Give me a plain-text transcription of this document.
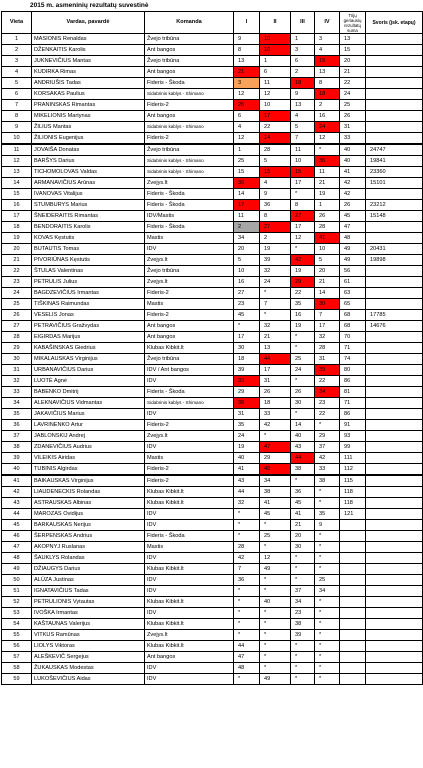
2015 m. asmeninių rezultatų suvestinė
Vieta	Vardas, pavardė	Komanda	I	II	III	IV	Trijų geriausių rezultatų suma	Svoris (įsk. etapų)
1	MASIONIS Renaldas	Žvejo tribūna	9	10	1	3	13	
2	DŽENKAITIS Karolis	Ant bangos	8	10	3	4	15	
3	JUKNEVIČIUS Mantas	Žvejo tribūna	13	1	6	15	20	
4	KUDIRKA Rimas	Ant bangos	21	6	2	13	21	
5	ANDRIUŠIS Tadas	Fideris - Škoda	3	11	18	8	22	
6	KORSAKAS Paulius	Sidabrinis kablys - Shimano	12	12	9	18	24	
7	PRANINSKAS Rimantas	Fideris-2	26	10	13	2	25	
8	MIKELIONIS Martynas	Ant bangos	6	17	4	16	26	
9	ŽILIUS Mantas	Sidabrinis kablys - Shimano	4	22	5	24	31	
10	ŽILIONIS Eugenijus	Fideris-2	12	14	7	12	33	
11	JOVAIŠA Donatas	Žvejo tribūna	1	28	11	*	40	24747
12	BARŠYS Darius	Sidabrinis kablys - Shimano	25	5	10	36	40	19841
13	TICHOMOLOVAS Valdas	Sidabrinis kablys - Shimano	15	15	15	11	41	23360
14	ARMANAVIČIUS Arūnas	Zvejys.lt	36	4	17	21	42	15101
15	IVANOVAS Vitalijus	Fideris - Škoda	14	9	*	19	42	
16	STUMBURYS Marius	Fideris - Škoda	17	36	8	1	26	23212
17	ŠNEIDERAITIS Rimantas	IDV/Mastis	11	8	27	26	45	15148
18	BENDORAITIS Karolis	Fideris - Škoda	2	27	17	28	47	
19	KOVAS Kęstutis	Mastis	34	2	12	41	48	
20	BUTAUTIS Tomas	IDV	20	19	*	10	49	20431
21	PIVORIŪNAS Kęstutis	Zvejys.lt	5	39	42	5	49	19898
22	ŠTULAS Valentinas	Žvejo tribūna	10	32	19	20	56	
23	PETRULIS Julius	Zvejys.lt	16	24	29	21	61	
24	BAGDZEVIČIUS Irmantas	Fideris-2	27	*	22	14	63	
25	TIŠKINAS Raimundas	Mastis	23	7	35	30	65	
26	VESELIS Jonas	Fideris-2	45	*	16	7	68	17785
27	PETRAVIČIUS Gražvydas	Ant bangos	*	32	19	17	68	14676
28	EIGIRDAS Marijus	Ant bangos	17	21	*	32	70	
29	KABAŠINSKAS Giedrius	Klubas Kibkit.lt	30	13	*	28	71	
30	MIKALAUSKAS Virginijus	Žvejo tribūna	18	44	25	31	74	
31	URBANAVIČIUS Darius	IDV / Ant bangos	39	17	24	39	80	
32	LUOTĖ Agnė	IDV	33	31	*	22	86	
33	BABENKO Dmitrij	Fideris - Škoda	29	26	26	34	81	
34	ALEKNAVIČIUS Vidmantas	Sidabrinis kablys - Shimano	38	18	30	23	71	
35	JAKAVIČIUS Marius	IDV	31	33	*	22	86	
36	LAVRINENKO Artur	Fideris-2	35	42	14	*	91	
37	JABLONSKIJ Andrej	Zvejys.lt	24	*	40	29	93	
38	ZDANEVIČIUS Audrius	IDV	19	47	43	37	99	
39	VILEIKIS Airidas	Mastis	40	29	44	42	111	
40	TUBINIS Algirdas	Fideris-2	41	48	38	33	112	
41	BAIKAUSKAS Virginijus	Fideris-2	43	34	*	38	115	
42	LIAUDENECKIS Rolandas	Klubas Kibkit.lt	44	38	36	*	118	
43	ASTRAUSKAS Albinas	Klubas Kibkit.lt	32	41	45	*	118	
44	MAROZAS Ovidijus	IDV	*	45	41	35	121	
45	BARKAUSKAS Nerijus	IDV	*	*	21	9		
46	ŠERPENSKAS Andrius	Fideris - Škoda	*	25	20	*		
47	AKOPNYJ Ruslanas	Mastis	28	*	30	*		
48	ŠAUKLYS Rolandas	IDV	42	12	*	*		
49	DŽIAUGYS Darius	Klubas Kibkit.lt	7	49	*	*		
50	ALŪZA Justinas	IDV	36	*	*	25		
51	IGNATAVIČIUS Tadas	IDV	*	*	37	34		
52	PETRULIONIS Vytautas	Klubas Kibkit.lt	*	40	34	*		
53	IVOŠKA Irmantas	IDV	*	*	23	*		
54	KAŠTAUNAS Valerijus	Klubas Kibkit.lt	*	*	38	*		
55	VITKUS Ramūnas	Zvejys.lt	*	*	39	*		
56	LIOLYS Viktoras	Klubas Kibkit.lt	44	*	*	*		
57	ALEŠKEVIČ Sergejus	Ant bangos	47	*	*	*		
58	ŽUKAUSKAS Modestas	IDV	48	*	*	*		
59	LUKOŠEVIČIUS Aidas	IDV	*	49	*	*		
